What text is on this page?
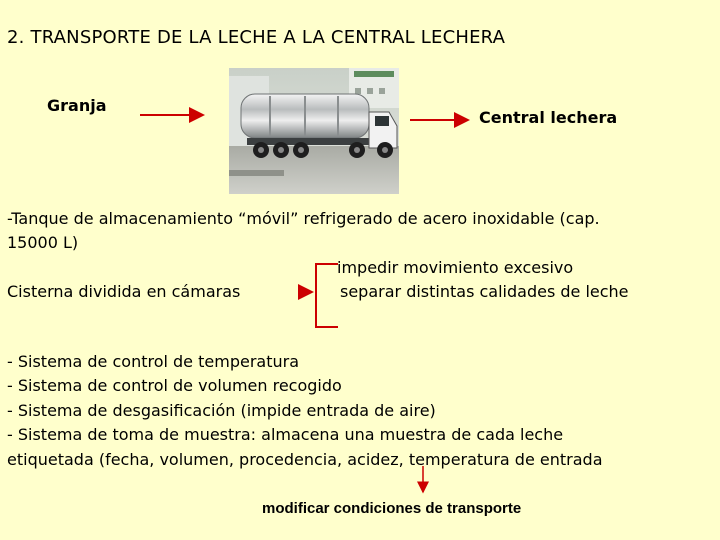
2. TRANSPORTE DE LA LECHE A LA CENTRAL LECHERA
Granja
Central lechera
-Tanque de almacenamiento “móvil” refrigerado de acero inoxidable (cap.
15000 L)
impedir movimiento excesivo
Cisterna dividida en cámaras	separar distintas calidades de leche
- Sistema de control de temperatura
- Sistema de control de volumen recogido
- Sistema de desgasificación (impide entrada de aire)
- Sistema de toma de muestra: almacena una muestra de cada leche
etiquetada (fecha, volumen, procedencia, acidez, temperatura de entrada
modificar condiciones de transporte
